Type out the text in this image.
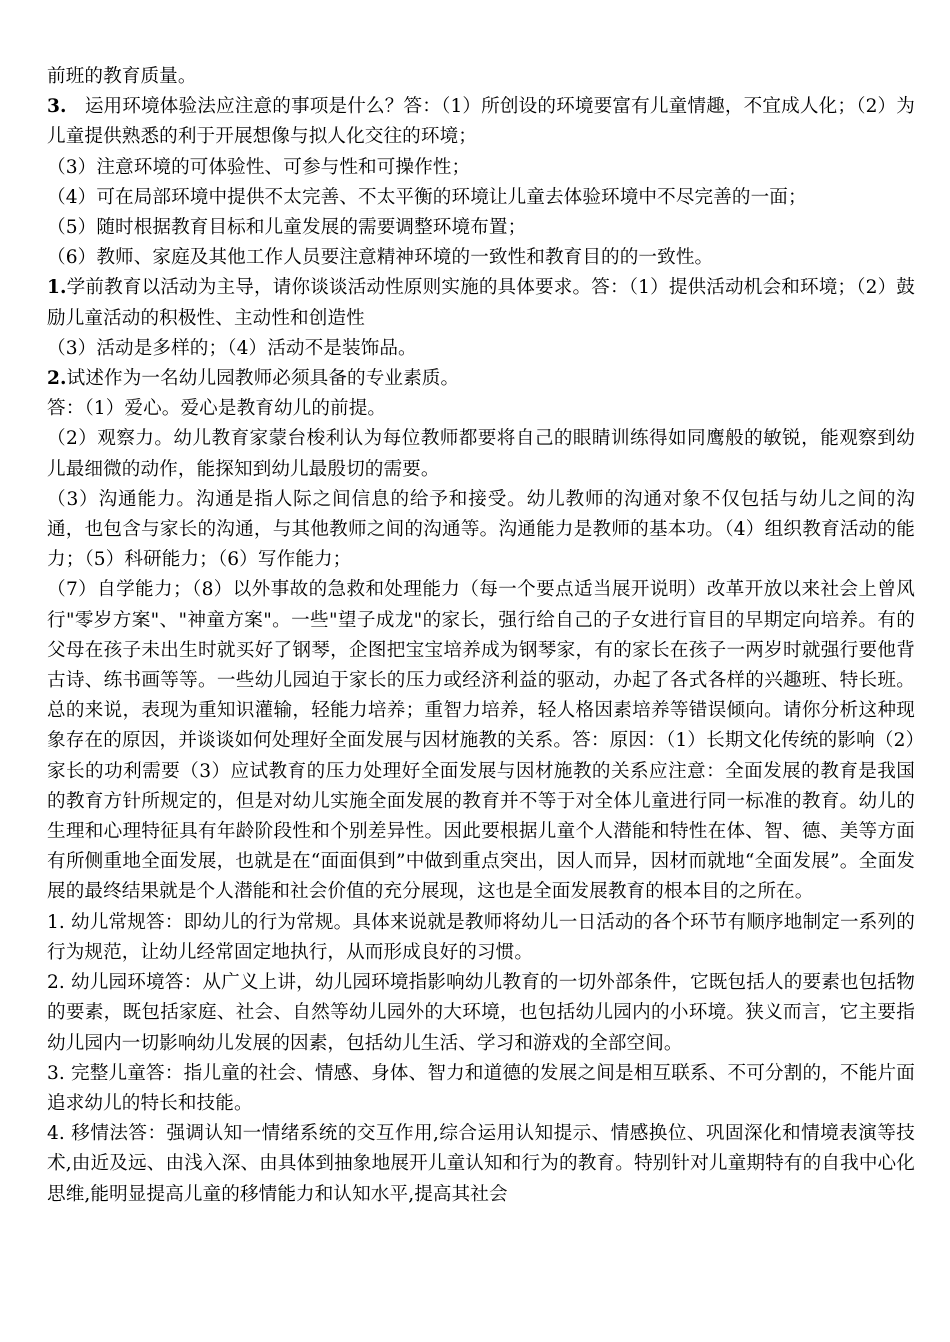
前班的教育质量。

3.   运用环境体验法应注意的事项是什么？答：（1）所创设的环境要富有儿童情趣，不宜成人化；（2）为儿童提供熟悉的利于开展想像与拟人化交往的环境；

（3）注意环境的可体验性、可参与性和可操作性；

（4）可在局部环境中提供不太完善、不太平衡的环境让儿童去体验环境中不尽完善的一面；

（5）随时根据教育目标和儿童发展的需要调整环境布置；

（6）教师、家庭及其他工作人员要注意精神环境的一致性和教育目的的一致性。

1.学前教育以活动为主导，请你谈谈活动性原则实施的具体要求。答：（1）提供活动机会和环境；（2）鼓励儿童活动的积极性、主动性和创造性

（3）活动是多样的；（4）活动不是装饰品。

2.试述作为一名幼儿园教师必须具备的专业素质。

答：（1）爱心。爱心是教育幼儿的前提。

（2）观察力。幼儿教育家蒙台梭利认为每位教师都要将自己的眼睛训练得如同鹰般的敏锐，能观察到幼儿最细微的动作，能探知到幼儿最殷切的需要。

（3）沟通能力。沟通是指人际之间信息的给予和接受。幼儿教师的沟通对象不仅包括与幼儿之间的沟通，也包含与家长的沟通，与其他教师之间的沟通等。沟通能力是教师的基本功。（4）组织教育活动的能力；（5）科研能力；（6）写作能力；

（7）自学能力；（8）以外事故的急救和处理能力（每一个要点适当展开说明）改革开放以来社会上曾风行"零岁方案"、"神童方案"。一些"望子成龙"的家长，强行给自己的子女进行盲目的早期定向培养。有的父母在孩子未出生时就买好了钢琴，企图把宝宝培养成为钢琴家，有的家长在孩子一两岁时就强行要他背古诗、练书画等等。一些幼儿园迫于家长的压力或经济利益的驱动，办起了各式各样的兴趣班、特长班。总的来说，表现为重知识灌输，轻能力培养；重智力培养，轻人格因素培养等错误倾向。请你分析这种现象存在的原因，并谈谈如何处理好全面发展与因材施教的关系。答：原因：（1）长期文化传统的影响（2）家长的功利需要（3）应试教育的压力处理好全面发展与因材施教的关系应注意：全面发展的教育是我国的教育方针所规定的，但是对幼儿实施全面发展的教育并不等于对全体儿童进行同一标准的教育。幼儿的生理和心理特征具有年龄阶段性和个别差异性。因此要根据儿童个人潜能和特性在体、智、德、美等方面有所侧重地全面发展，也就是在“面面俱到”中做到重点突出，因人而异，因材而就地“全面发展”。全面发展的最终结果就是个人潜能和社会价值的充分展现，这也是全面发展教育的根本目的之所在。

1. 幼儿常规答：即幼儿的行为常规。具体来说就是教师将幼儿一日活动的各个环节有顺序地制定一系列的行为规范，让幼儿经常固定地执行，从而形成良好的习惯。

2. 幼儿园环境答：从广义上讲，幼儿园环境指影响幼儿教育的一切外部条件，它既包括人的要素也包括物的要素，既包括家庭、社会、自然等幼儿园外的大环境，也包括幼儿园内的小环境。狭义而言，它主要指幼儿园内一切影响幼儿发展的因素，包括幼儿生活、学习和游戏的全部空间。

3. 完整儿童答：指儿童的社会、情感、身体、智力和道德的发展之间是相互联系、不可分割的，不能片面追求幼儿的特长和技能。

4. 移情法答：强调认知一情绪系统的交互作用,综合运用认知提示、情感换位、巩固深化和情境表演等技术,由近及远、由浅入深、由具体到抽象地展开儿童认知和行为的教育。特别针对儿童期特有的自我中心化思维,能明显提高儿童的移情能力和认知水平,提高其社会
